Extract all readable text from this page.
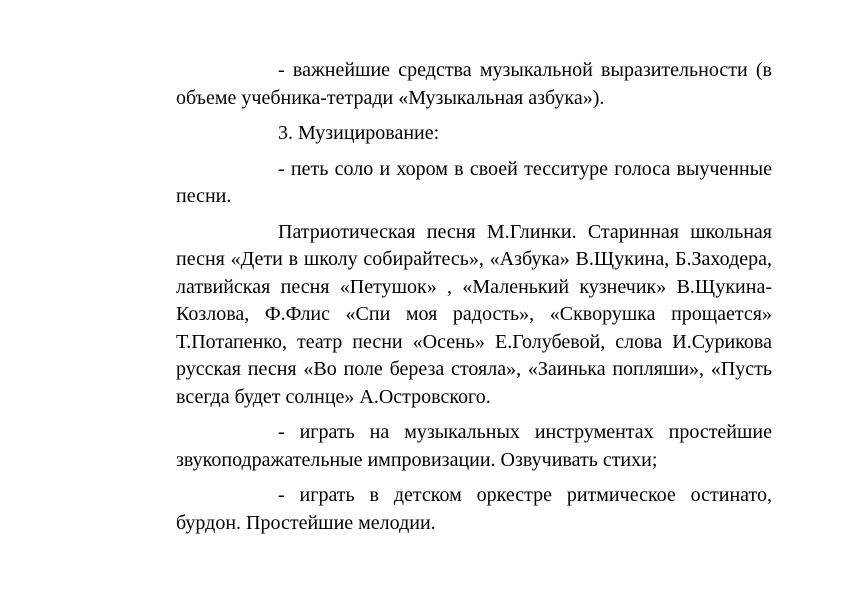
- важнейшие средства музыкальной выразительности (в объеме учебника-тетради «Музыкальная азбука»).

3. Музицирование:

- петь соло и хором в своей тесситуре голоса выученные песни.

Патриотическая песня М.Глинки. Старинная школьная песня «Дети в школу собирайтесь», «Азбука» В.Щукина, Б.Заходера, латвийская песня «Петушок» , «Маленький кузнечик» В.Щукина-Козлова, Ф.Флис «Спи моя радость», «Скворушка прощается» Т.Потапенко, театр песни «Осень» Е.Голубевой, слова И.Сурикова русская песня «Во поле береза стояла», «Заинька попляши», «Пусть всегда будет солнце» А.Островского.

- играть на музыкальных инструментах простейшие звукоподражательные импровизации. Озвучивать стихи;

- играть в детском оркестре ритмическое остинато, бурдон. Простейшие мелодии.
